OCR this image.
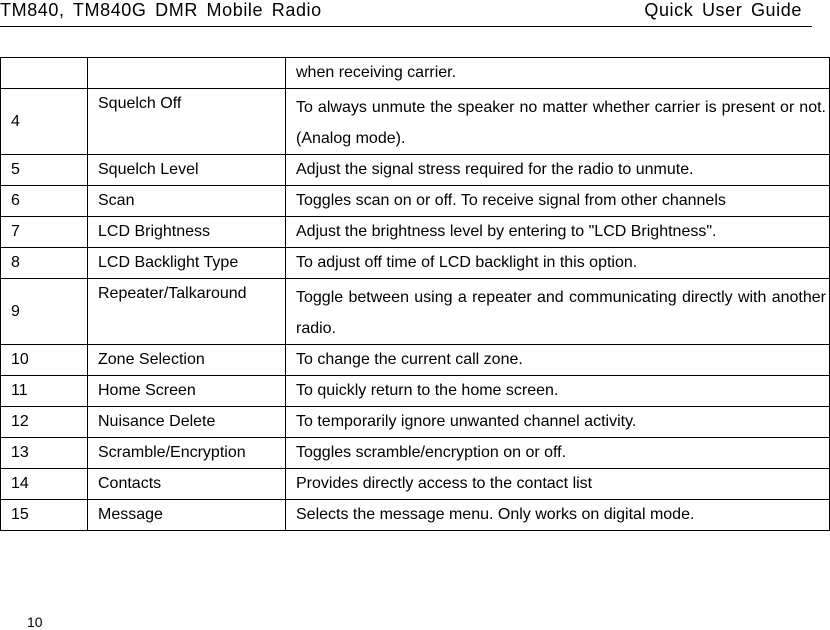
TM840, TM840G DMR Mobile Radio	Quick User Guide
		when receiving carrier.
4	Squelch Off	To always unmute the speaker no matter whether carrier is present or not. (Analog mode).
5	Squelch Level	Adjust the signal stress required for the radio to unmute.
6	Scan	Toggles scan on or off. To receive signal from other channels
7	LCD Brightness	Adjust the brightness level by entering to "LCD Brightness".
8	LCD Backlight Type	To adjust off time of LCD backlight in this option.
9	Repeater/Talkaround	Toggle between using a repeater and communicating directly with another radio.
10	Zone Selection	To change the current call zone.
11	Home Screen	To quickly return to the home screen.
12	Nuisance Delete	To temporarily ignore unwanted channel activity.
13	Scramble/Encryption	Toggles scramble/encryption on or off.
14	Contacts	Provides directly access to the contact list
15	Message	Selects the message menu. Only works on digital mode.
10
